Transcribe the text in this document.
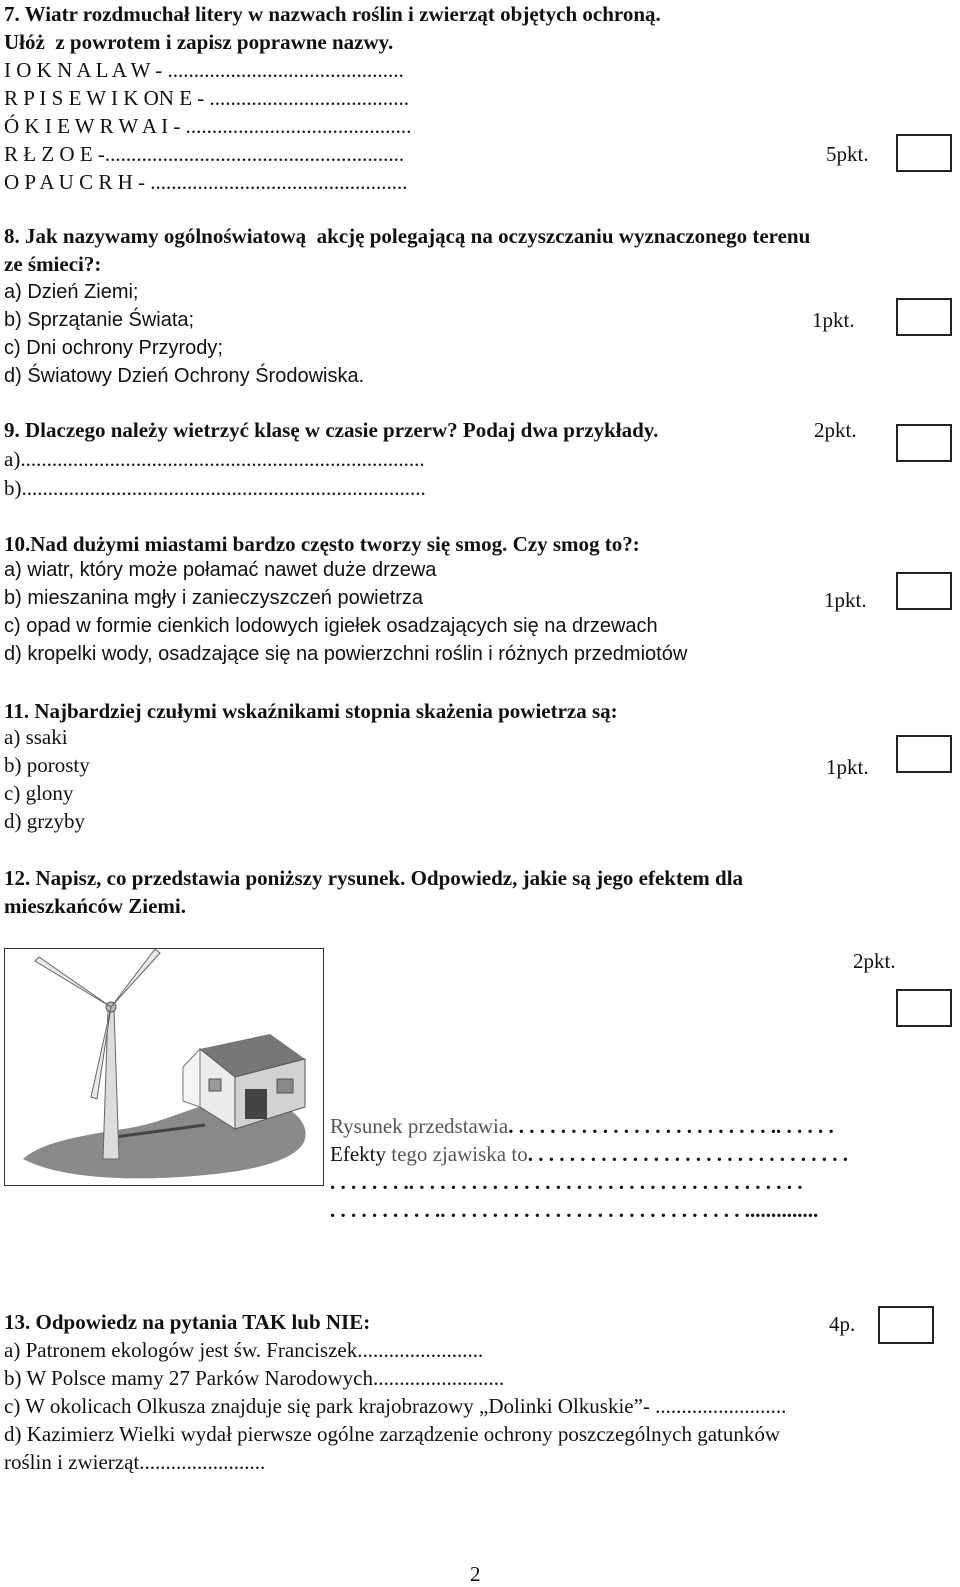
7. Wiatr rozdmuchał litery w nazwach roślin i zwierząt objętych ochroną.
Ułóż  z powrotem i zapisz poprawne nazwy.
I O K N A L A W - .............................................
R P I S E W I K ON E - ......................................
Ó K I E W R W A I - ...........................................
R Ł Z O E -.........................................................
O P A U C R H - .................................................
5pkt.
8. Jak nazywamy ogólnoświatową  akcję polegającą na oczyszczaniu wyznaczonego terenu
ze śmieci?:
a) Dzień Ziemi;
b) Sprzątanie Świata;
c) Dni ochrony Przyrody;
d) Światowy Dzień Ochrony Środowiska.
1pkt.
9. Dlaczego należy wietrzyć klasę w czasie przerw? Podaj dwa przykłady.	2pkt.
a).............................................................................
b).............................................................................
10.Nad dużymi miastami bardzo często tworzy się smog. Czy smog to?:
a) wiatr, który może połamać nawet duże drzewa
b) mieszanina mgły i zanieczyszczeń powietrza
c) opad w formie cienkich lodowych igiełek osadzających się na drzewach
d) kropelki wody, osadzające się na powierzchni roślin i różnych przedmiotów
1pkt.
11. Najbardziej czułymi wskaźnikami stopnia skażenia powietrza są:
a) ssaki
b) porosty
c) glony
d) grzyby
1pkt.
12. Napisz, co przedstawia poniższy rysunek. Odpowiedz, jakie są jego efektem dla
mieszkańców Ziemi.
2pkt.
Rysunek przedstawia. . . . . . . . . . . . . . . . . . . . . . . . . .. . . . . .
Efekty tego zjawiska to. . . . . . . . . . . . . . . . . . . . . . . . . . . . . . .
. . . . . . . .. . . . . . . . . . . . . . . . . . . . . . . . . . . . . . . . . . . . . .
. . . . . . . . . . .. . . . . . . . . . . . . . . . . . . . . . . . . . . . . ..............
13. Odpowiedz na pytania TAK lub NIE:	4p.
a) Patronem ekologów jest św. Franciszek........................
b) W Polsce mamy 27 Parków Narodowych.........................
c) W okolicach Olkusza znajduje się park krajobrazowy „Dolinki Olkuskie”- .........................
d) Kazimierz Wielki wydał pierwsze ogólne zarządzenie ochrony poszczególnych gatunków
roślin i zwierząt........................
2
